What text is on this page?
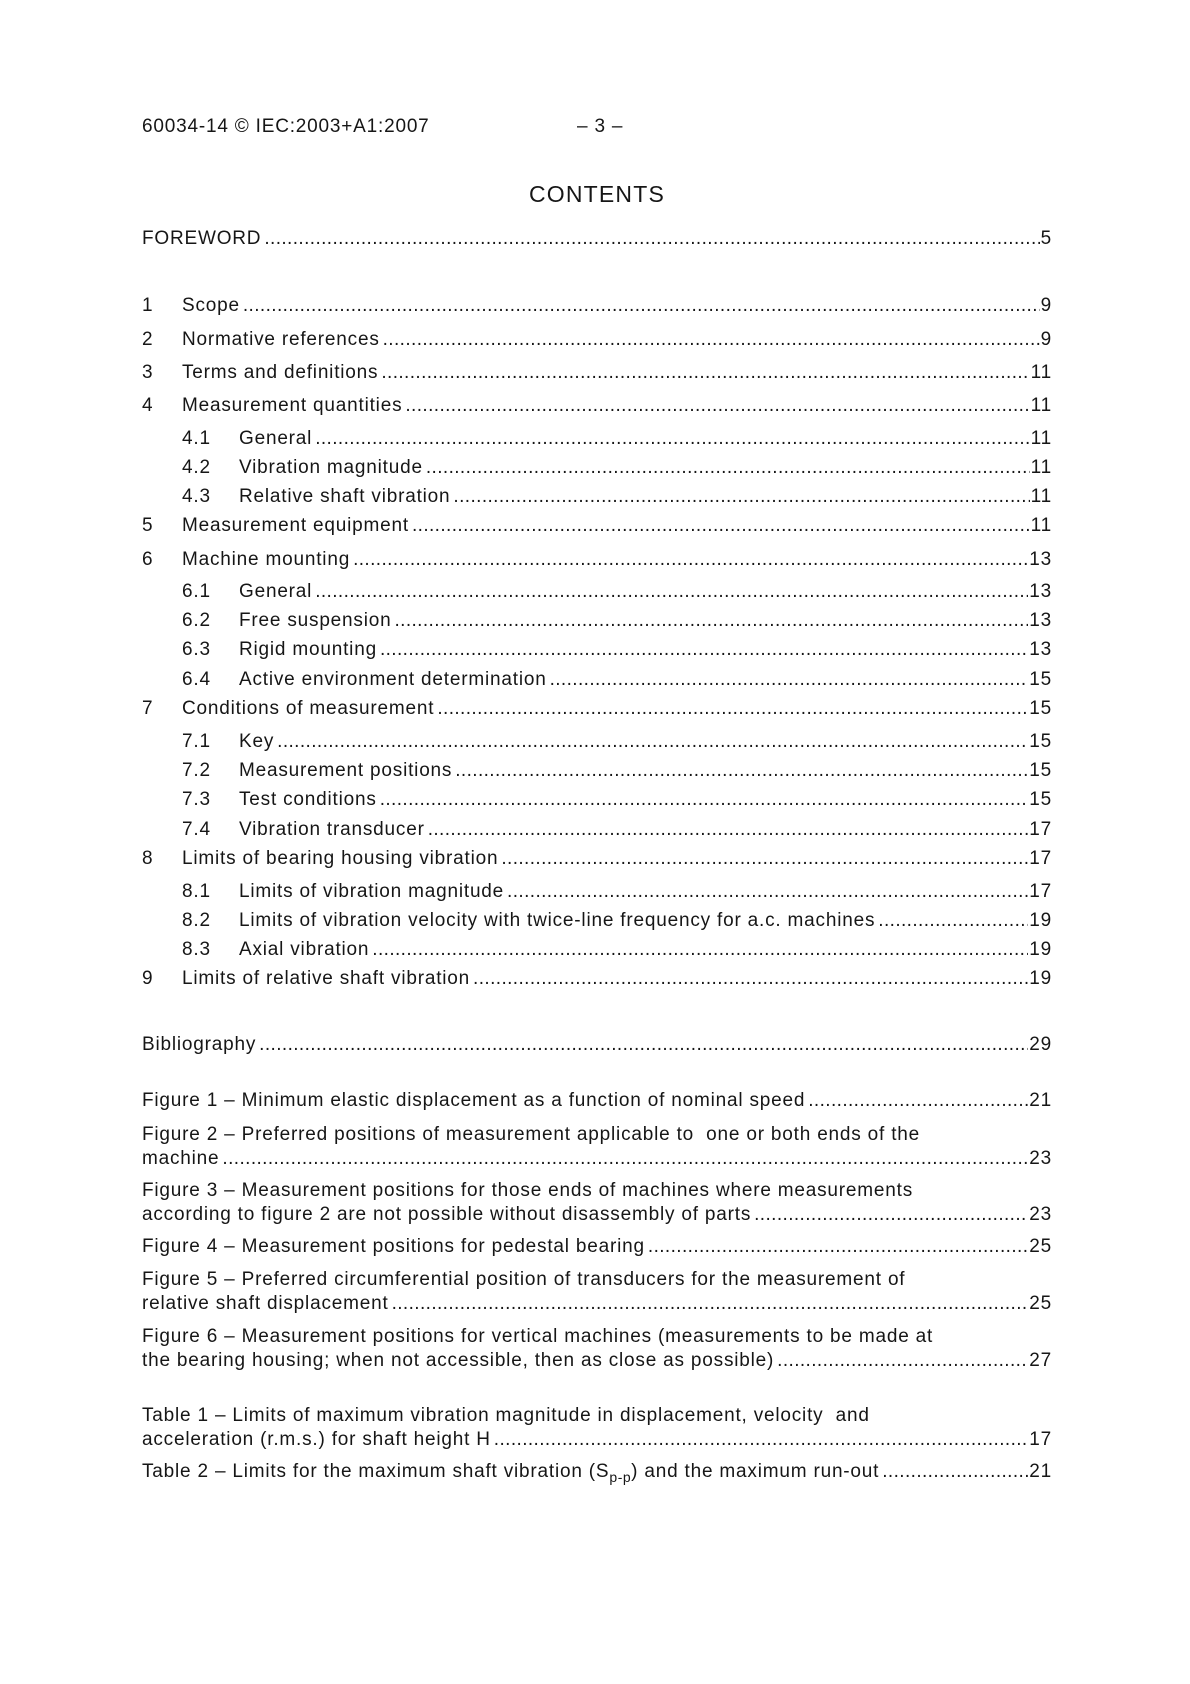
60034-14 © IEC:2003+A1:2007	– 3 –
CONTENTS
FOREWORD .....	5
1	Scope .....	9
2	Normative references .....	9
3	Terms and definitions .....	11
4	Measurement quantities .....	11
4.1	General .....	11
4.2	Vibration magnitude .....	11
4.3	Relative shaft vibration .....	11
5	Measurement equipment .....	11
6	Machine mounting .....	13
6.1	General .....	13
6.2	Free suspension .....	13
6.3	Rigid mounting .....	13
6.4	Active environment determination .....	15
7	Conditions of measurement .....	15
7.1	Key .....	15
7.2	Measurement positions .....	15
7.3	Test conditions .....	15
7.4	Vibration transducer .....	17
8	Limits of bearing housing vibration .....	17
8.1	Limits of vibration magnitude .....	17
8.2	Limits of vibration velocity with twice-line frequency for a.c. machines .....	19
8.3	Axial vibration .....	19
9	Limits of relative shaft vibration .....	19
Bibliography .....	29
Figure 1 – Minimum elastic displacement as a function of nominal speed .....	21
Figure 2 – Preferred positions of measurement applicable to  one or both ends of the
machine .....	23
Figure 3 – Measurement positions for those ends of machines where measurements
according to figure 2 are not possible without disassembly of parts .....	23
Figure 4 – Measurement positions for pedestal bearing .....	25
Figure 5 – Preferred circumferential position of transducers for the measurement of
relative shaft displacement .....	25
Figure 6 – Measurement positions for vertical machines (measurements to be made at
the bearing housing; when not accessible, then as close as possible) .....	27
Table 1 – Limits of maximum vibration magnitude in displacement, velocity  and
acceleration (r.m.s.) for shaft height H .....	17
Table 2 – Limits for the maximum shaft vibration $(S_{p-p})$ and the maximum run-out .....	21
